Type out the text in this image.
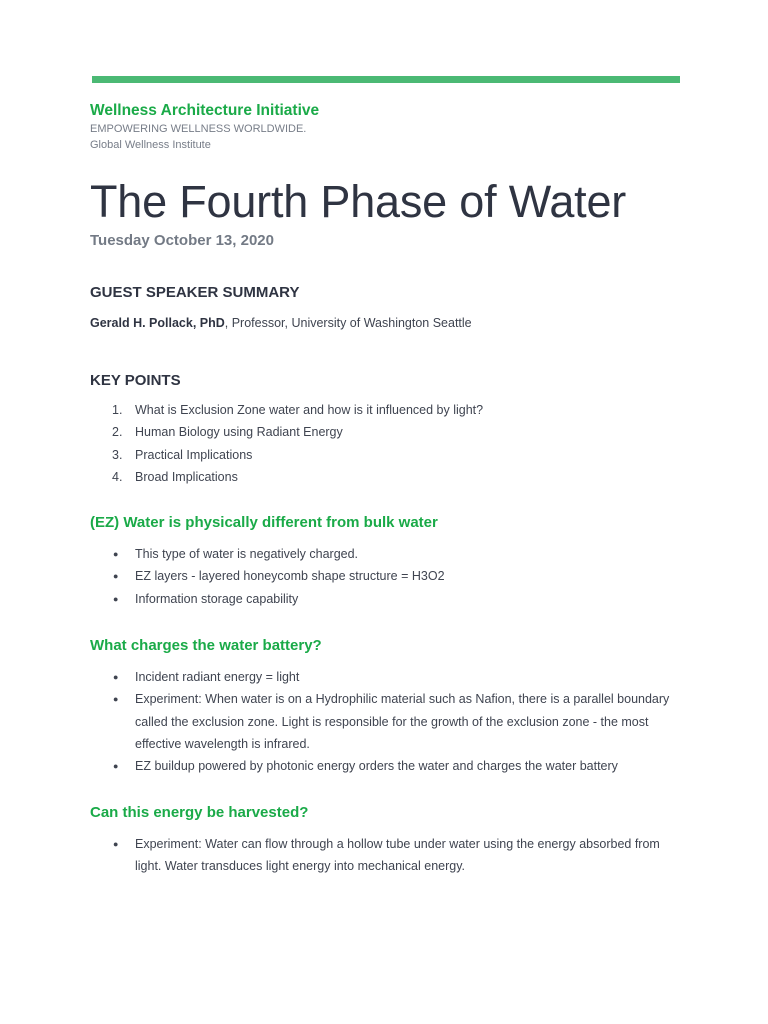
Wellness Architecture Initiative
EMPOWERING WELLNESS WORLDWIDE.
Global Wellness Institute
The Fourth Phase of Water
Tuesday October 13, 2020
GUEST SPEAKER SUMMARY
Gerald H. Pollack, PhD, Professor, University of Washington Seattle
KEY POINTS
1. What is Exclusion Zone water and how is it influenced by light?
2. Human Biology using Radiant Energy
3. Practical Implications
4. Broad Implications
(EZ) Water is physically different from bulk water
● This type of water is negatively charged.
● EZ layers - layered honeycomb shape structure = H3O2
● Information storage capability
What charges the water battery?
● Incident radiant energy = light
● Experiment: When water is on a Hydrophilic material such as Nafion, there is a parallel boundary called the exclusion zone. Light is responsible for the growth of the exclusion zone - the most effective wavelength is infrared.
● EZ buildup powered by photonic energy orders the water and charges the water battery
Can this energy be harvested?
● Experiment: Water can flow through a hollow tube under water using the energy absorbed from light. Water transduces light energy into mechanical energy.
